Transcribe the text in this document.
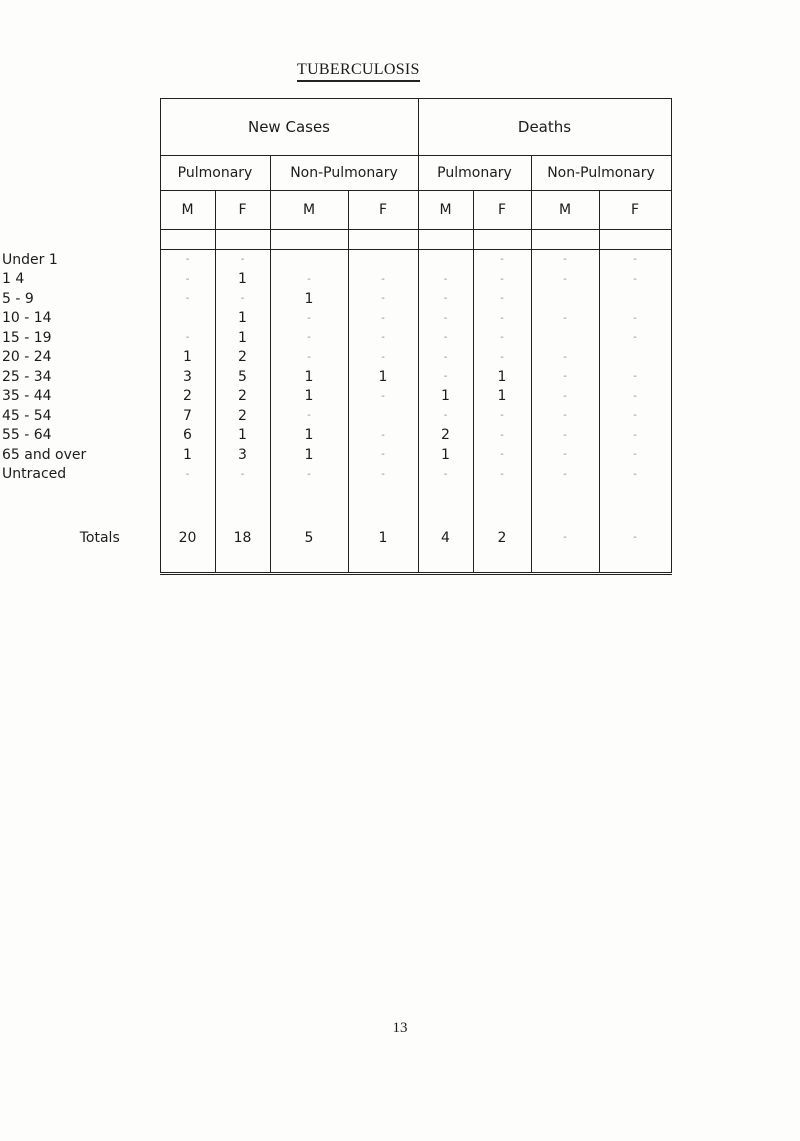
TUBERCULOSIS
	New Cases				Deaths			
	Pulmonary		Non-Pulmonary		Pulmonary		Non-Pulmonary	
	M	F	M	F	M	F	M	F

Under 1	-	-				-	-	-
1 4	-	1	-	-	-	-	-	-
5 - 9	-	-	1	-	-	-		
10 - 14		1	-	-	-	-	-	-
15 - 19	-	1	-	-	-	-		-
20 - 24	1	2	-	-	-	-	-	
25 - 34	3	5	1	1	-	1	-	-
35 - 44	2	2	1	-	1	1	-	-
45 - 54	7	2	-		-	-	-	-
55 - 64	6	1	1	-	2	-	-	-
65 and over	1	3	1	-	1	-	-	-
Untraced	-	-	-	-	-	-	-	-

Totals	20	18	5	1	4	2	-	-
13
